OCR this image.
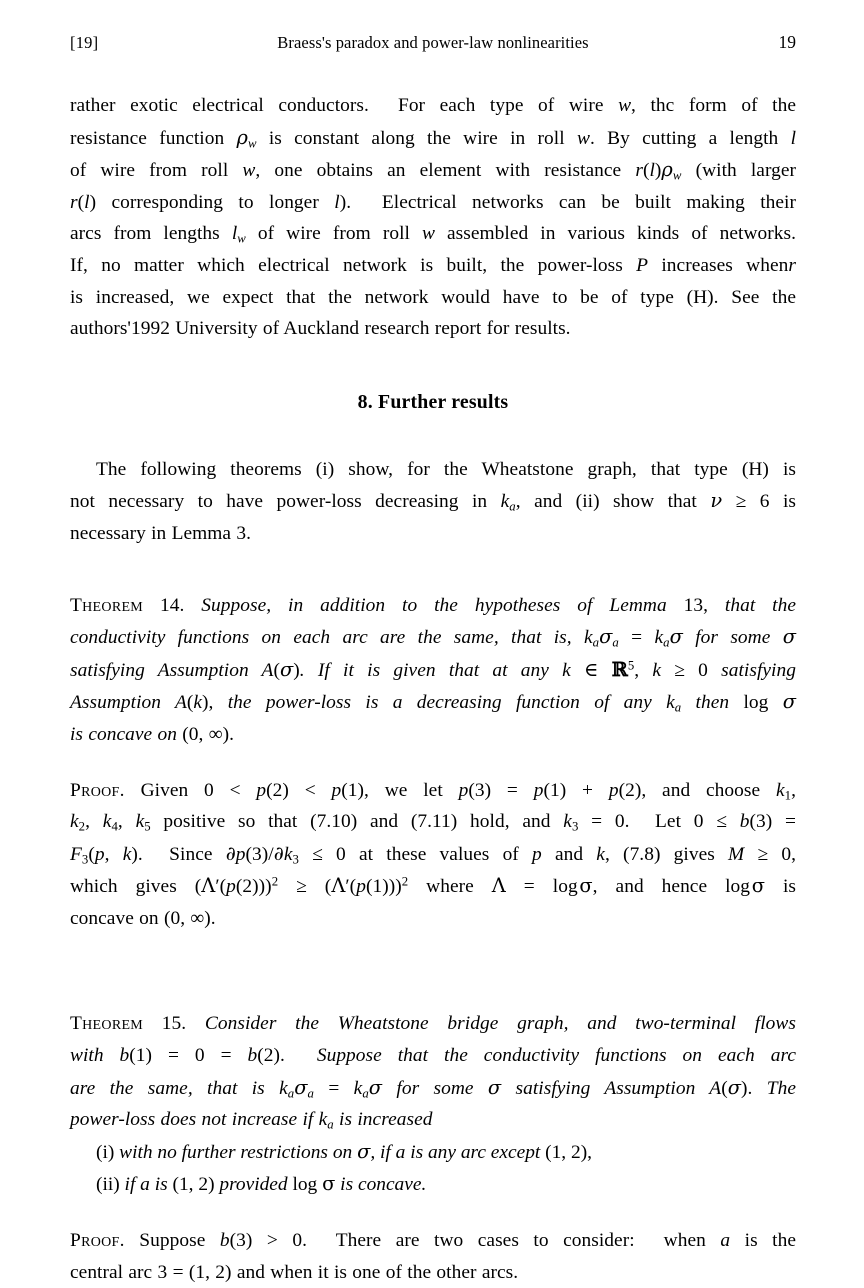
[19]	Braess's paradox and power-law nonlinearities	19

rather exotic electrical conductors.  For each type of wire w, thc form of the
resistance function $\rho_w$ is constant along the wire in roll w. By cutting a length l
of wire from roll w, one obtains an element with resistance $r(l)\rho_w$ (with larger
r(l) corresponding to longer l).  Electrical networks can be built making their
arcs from lengths $l_w$ of wire from roll w assembled in various kinds of networks.
If, no matter which electrical network is built, the power-loss P increases whenr
is increased, we expect that the network would have to be of type (H). See the
authors'1992 University of Auckland research report for results.

8. Further results

The following theorems (i) show, for the Wheatstone graph, that type (H) is
not necessary to have power-loss decreasing in $k_a$, and (ii) show that ν ≥ 6 is
necessary in Lemma 3.

Theorem 14. Suppose, in addition to the hypotheses of Lemma 13, that the
conductivity functions on each arc are the same, that is, $k_a\sigma_a = k_a\sigma$ for some σ
satisfying Assumption A(σ). If it is given that at any k ∈ ℝ$^5$, k ≥ 0 satisfying
Assumption A(k), the power-loss is a decreasing function of any $k_a$ then log σ
is concave on (0, ∞).

Proof. Given 0 < p(2) < p(1), we let p(3) = p(1) + p(2), and choose $k_1$,
$k_2$, $k_4$, $k_5$ positive so that (7.10) and (7.11) hold, and $k_3 = 0$.  Let 0 ≤ b(3) =
$F_3(p$, k).  Since $\partial p(3)/\partial k_3 \le 0$ at these values of p and k, (7.8) gives M ≥ 0,
which gives $(\Lambda'(p(2)))^2 \ge (\Lambda'(p(1)))^2$ where Λ = log σ, and hence log σ is
concave on (0, ∞).

Theorem 15. Consider the Wheatstone bridge graph, and two-terminal flows
with b(1) = 0 = b(2).  Suppose that the conductivity functions on each arc
are the same, that is $k_a\sigma_a = k_a\sigma$ for some σ satisfying Assumption A(σ). The
power-loss does not increase if $k_a$ is increased

(i) with no further restrictions on σ, if a is any arc except (1, 2),
(ii) if a is (1, 2) provided log σ is concave.

Proof. Suppose b(3) > 0.  There are two cases to consider:  when a is the
central arc 3 = (1, 2) and when it is one of the other arcs.
